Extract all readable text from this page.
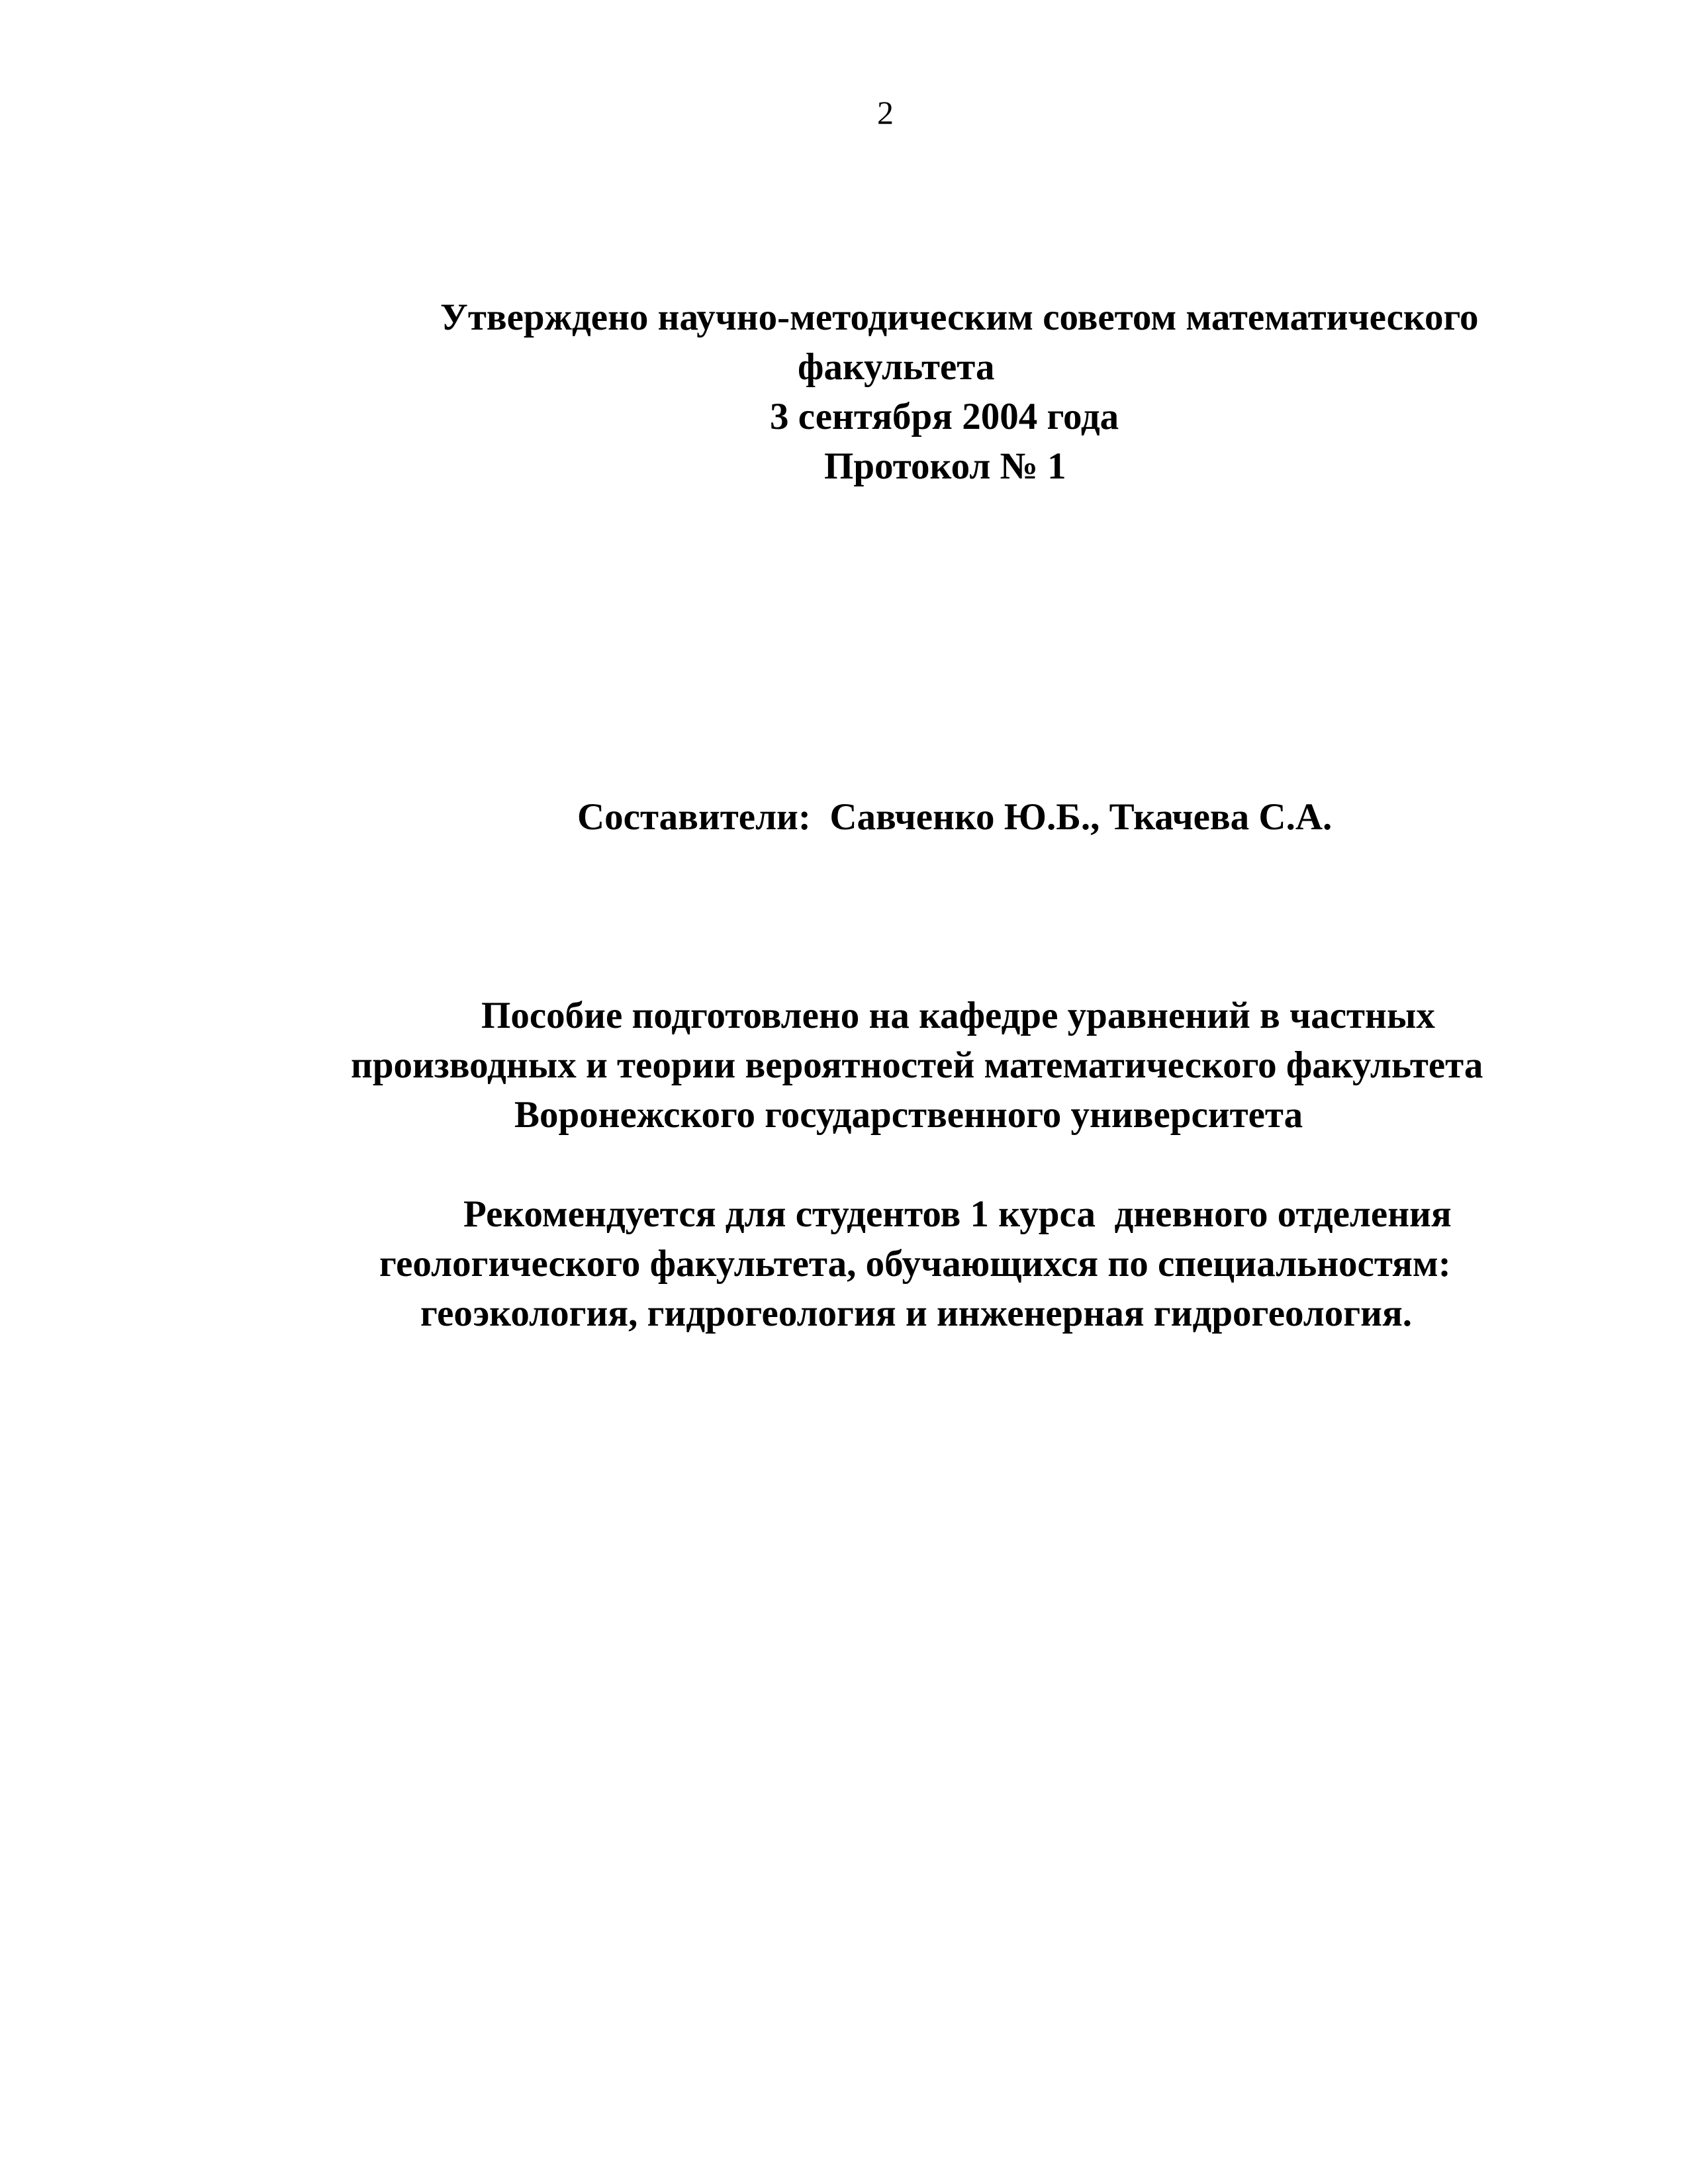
2
Утверждено научно-методическим советом математического
факультета
3 сентября 2004 года
Протокол № 1
Составители:  Савченко Ю.Б., Ткачева С.А.
Пособие подготовлено на кафедре уравнений в частных
производных и теории вероятностей математического факультета
Воронежского государственного университета
Рекомендуется для студентов 1 курса  дневного отделения
геологического факультета, обучающихся по специальностям:
геоэкология, гидрогеология и инженерная гидрогеология.
